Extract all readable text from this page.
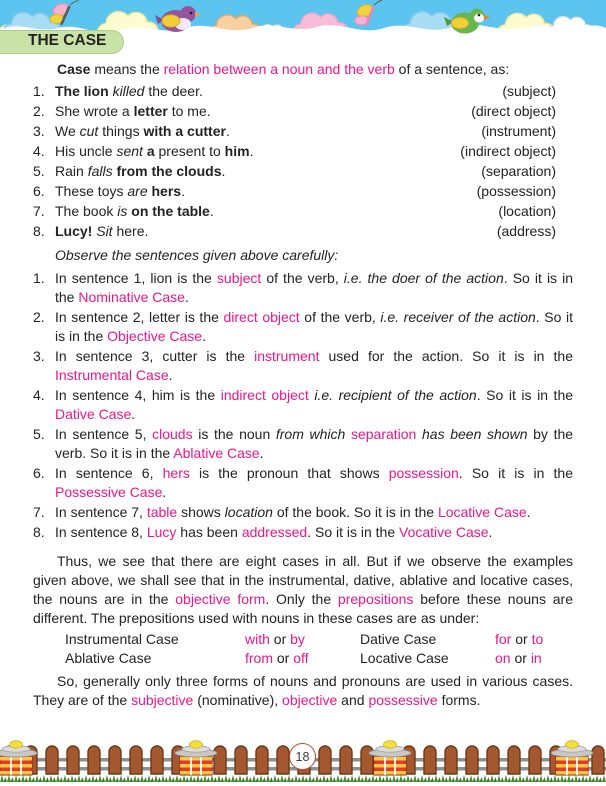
THE CASE

Case means the relation between a noun and the verb of a sentence, as:

1. The lion killed the deer.	(subject)
2. She wrote a letter to me.	(direct object)
3. We cut things with a cutter.	(instrument)
4. His uncle sent a present to him.	(indirect object)
5. Rain falls from the clouds.	(separation)
6. These toys are hers.	(possession)
7. The book is on the table.	(location)
8. Lucy! Sit here.	(address)

Observe the sentences given above carefully:

1. In sentence 1, lion is the subject of the verb, i.e. the doer of the action. So it is in the Nominative Case.
2. In sentence 2, letter is the direct object of the verb, i.e. receiver of the action. So it is in the Objective Case.
3. In sentence 3, cutter is the instrument used for the action. So it is in the Instrumental Case.
4. In sentence 4, him is the indirect object i.e. recipient of the action. So it is in the Dative Case.
5. In sentence 5, clouds is the noun from which separation has been shown by the verb. So it is in the Ablative Case.
6. In sentence 6, hers is the pronoun that shows possession. So it is in the Possessive Case.
7. In sentence 7, table shows location of the book. So it is in the Locative Case.
8. In sentence 8, Lucy has been addressed. So it is in the Vocative Case.

Thus, we see that there are eight cases in all. But if we observe the examples given above, we shall see that in the instrumental, dative, ablative and locative cases, the nouns are in the objective form. Only the prepositions before these nouns are different. The prepositions used with nouns in these cases are as under:

Instrumental Case	with or by	Dative Case	for or to
Ablative Case	from or off	Locative Case	on or in

So, generally only three forms of nouns and pronouns are used in various cases. They are of the subjective (nominative), objective and possessive forms.

18
